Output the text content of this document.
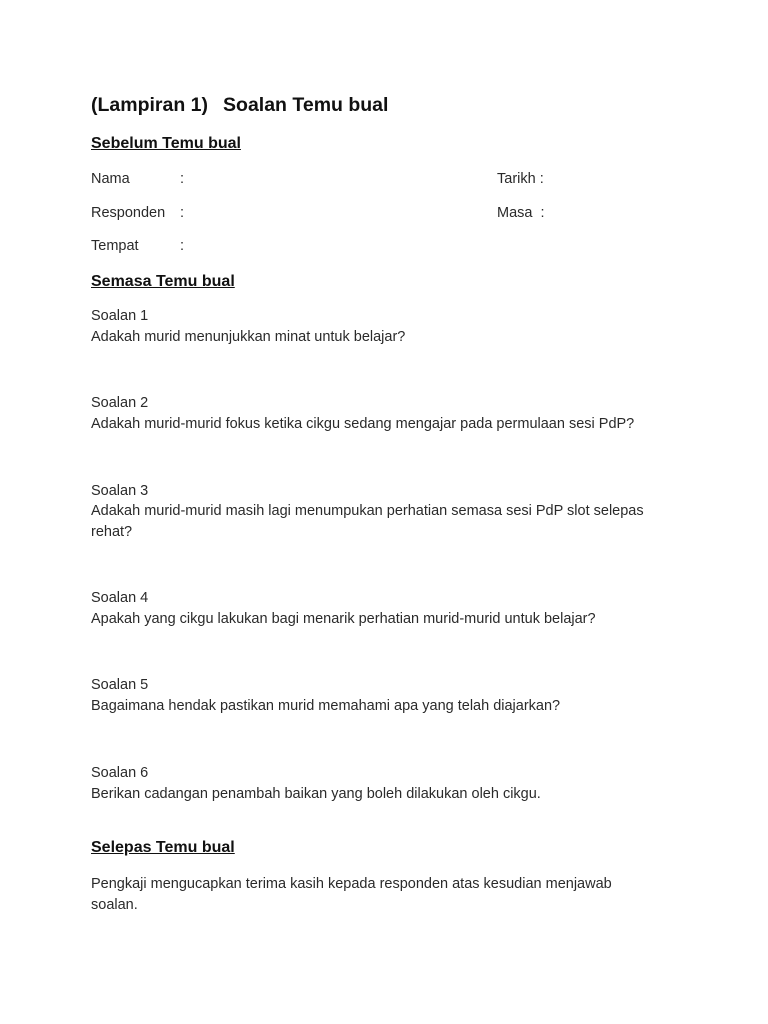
(Lampiran 1) Soalan Temu bual
Sebelum Temu bual
Nama	:	Tarikh :
Responden :	Masa  :
Tempat	:
Semasa Temu bual
Soalan 1
Adakah murid menunjukkan minat untuk belajar?
Soalan 2
Adakah murid-murid fokus ketika cikgu sedang mengajar pada permulaan sesi PdP?
Soalan 3
Adakah murid-murid masih lagi menumpukan perhatian semasa sesi PdP slot selepas rehat?
Soalan 4
Apakah yang cikgu lakukan bagi menarik perhatian murid-murid untuk belajar?
Soalan 5
Bagaimana hendak pastikan murid memahami apa yang telah diajarkan?
Soalan 6
Berikan cadangan penambah baikan yang boleh dilakukan oleh cikgu.
Selepas Temu bual
Pengkaji mengucapkan terima kasih kepada responden atas kesudian menjawab soalan.
